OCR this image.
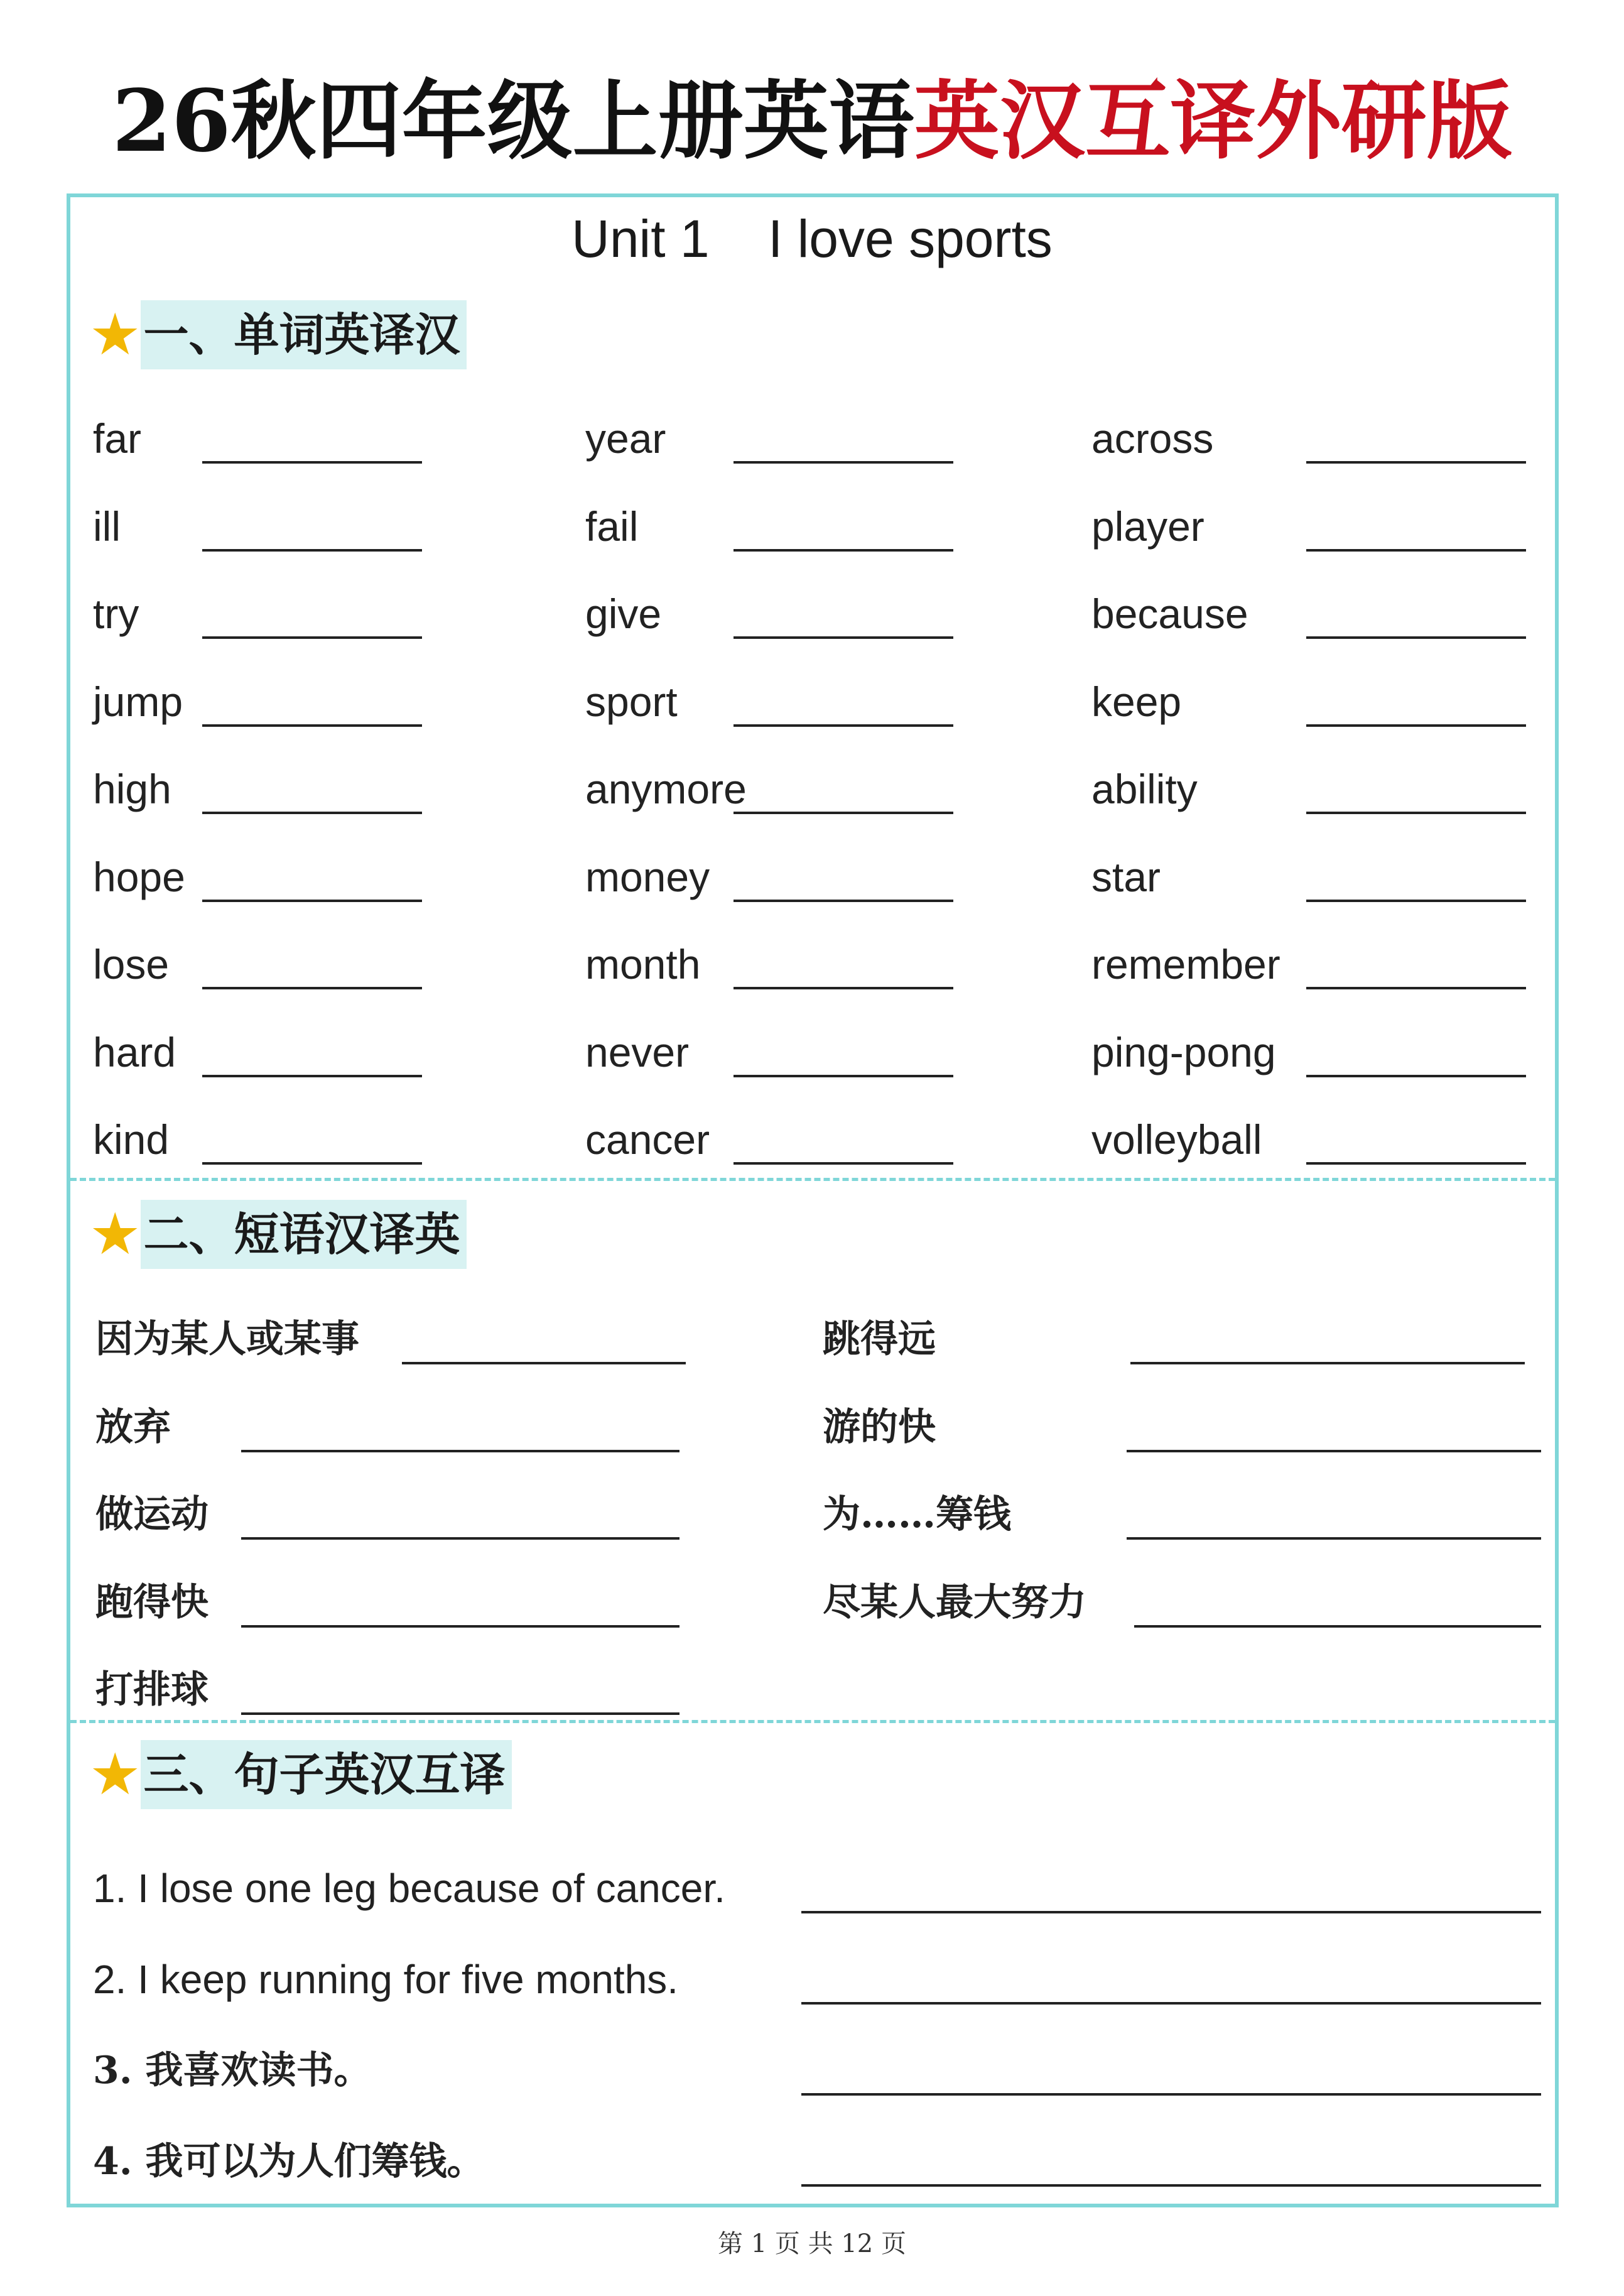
26秋四年级上册英语英汉互译外研版
Unit 1    I love sports
★ 一、单词英译汉
far	year	across
ill	fail	player
try	give	because
jump	sport	keep
high	anymore	ability
hope	money	star
lose	month	remember
hard	never	ping-pong
kind	cancer	volleyball
★ 二、短语汉译英
因为某人或某事	跳得远
放弃	游的快
做运动	为……筹钱
跑得快	尽某人最大努力
打排球
★ 三、句子英汉互译
1. I lose one leg because of cancer.
2. I keep running for five months.
3. 我喜欢读书。
4. 我可以为人们筹钱。
第 1 页 共 12 页
